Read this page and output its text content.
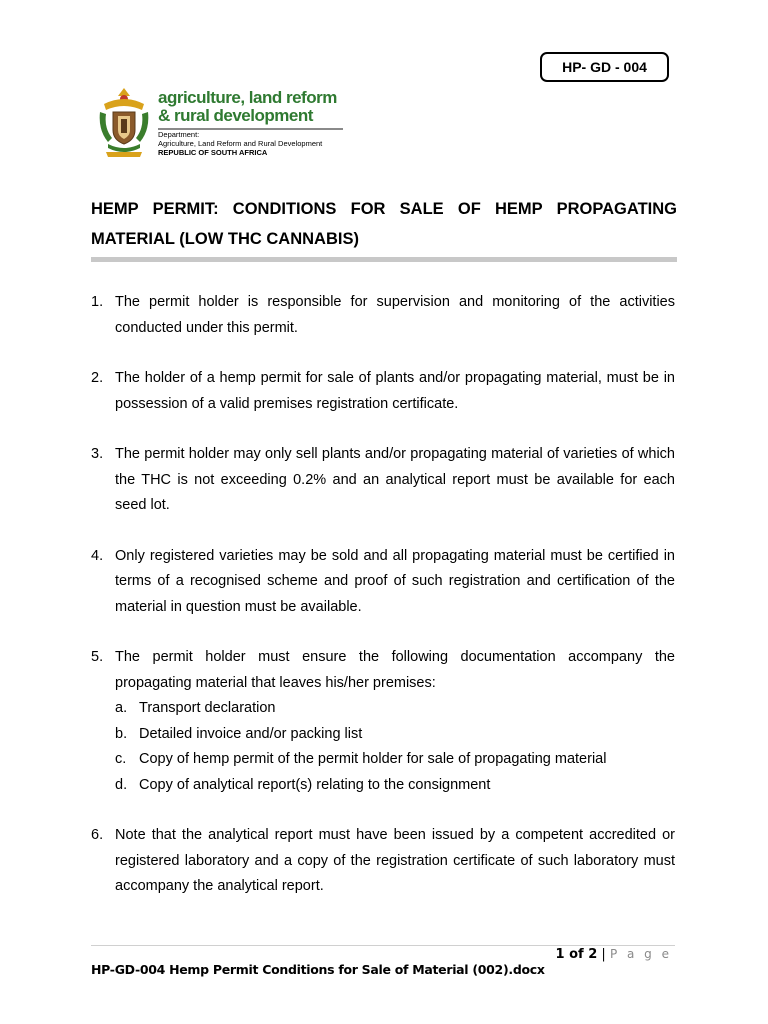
HP- GD - 004
agriculture, land reform
& rural development
Department:
Agriculture, Land Reform and Rural Development
REPUBLIC OF SOUTH AFRICA
HEMP PERMIT: CONDITIONS FOR SALE OF HEMP PROPAGATING MATERIAL (LOW THC CANNABIS)
1. The permit holder is responsible for supervision and monitoring of the activities conducted under this permit.
2. The holder of a hemp permit for sale of plants and/or propagating material, must be in possession of a valid premises registration certificate.
3. The permit holder may only sell plants and/or propagating material of varieties of which the THC is not exceeding 0.2% and an analytical report must be available for each seed lot.
4. Only registered varieties may be sold and all propagating material must be certified in terms of a recognised scheme and proof of such registration and certification of the material in question must be available.
5. The permit holder must ensure the following documentation accompany the propagating material that leaves his/her premises:
a. Transport declaration
b. Detailed invoice and/or packing list
c. Copy of hemp permit of the permit holder for sale of propagating material
d. Copy of analytical report(s) relating to the consignment
6. Note that the analytical report must have been issued by a competent accredited or registered laboratory and a copy of the registration certificate of such laboratory must accompany the analytical report.
1 of 2 | P a g e
HP-GD-004 Hemp Permit Conditions for Sale of Material (002).docx
